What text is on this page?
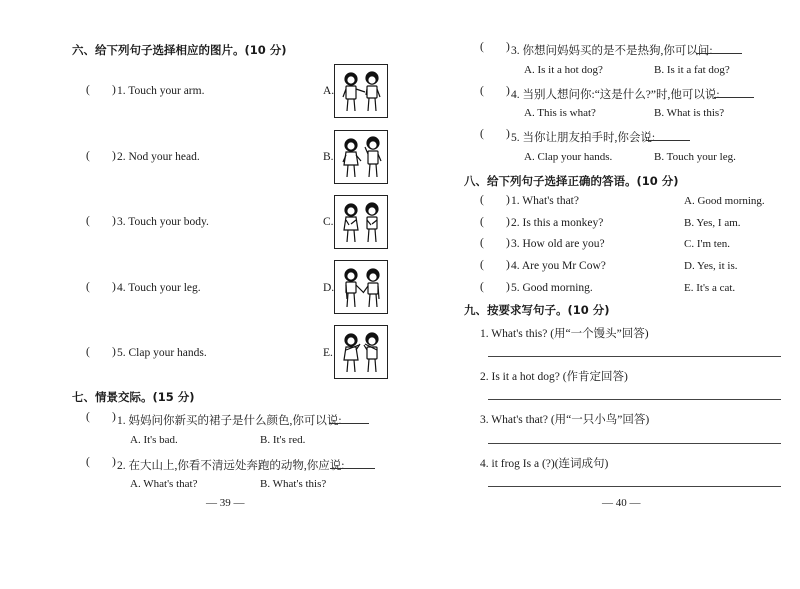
六、给下列句子选择相应的图片。(10 分)
( ) 1. Touch your arm.	A.
( ) 2. Nod your head.	B.
( ) 3. Touch your body.	C.
( ) 4. Touch your leg.	D.
( ) 5. Clap your hands.	E.
七、情景交际。(15 分)
( ) 1. 妈妈问你新买的裙子是什么颜色,你可以说:
A. It's bad.	B. It's red.
( ) 2. 在大山上,你看不清远处奔跑的动物,你应说:
A. What's that?	B. What's this?
— 39 —
( ) 3. 你想问妈妈买的是不是热狗,你可以问:
A. Is it a hot dog?	B. Is it a fat dog?
( ) 4. 当别人想问你:“这是什么?”时,他可以说:
A. This is what?	B. What is this?
( ) 5. 当你让朋友拍手时,你会说:
A. Clap your hands.	B. Touch your leg.
八、给下列句子选择正确的答语。(10 分)
( ) 1. What's that?	A. Good morning.
( ) 2. Is this a monkey?	B. Yes, I am.
( ) 3. How old are you?	C. I'm ten.
( ) 4. Are you Mr Cow?	D. Yes, it is.
( ) 5. Good morning.	E. It's a cat.
九、按要求写句子。(10 分)
1. What's this? (用“一个馒头”回答)
2. Is it a hot dog? (作肯定回答)
3. What's that? (用“一只小鸟”回答)
4. it frog Is a (?)(连词成句)
— 40 —
